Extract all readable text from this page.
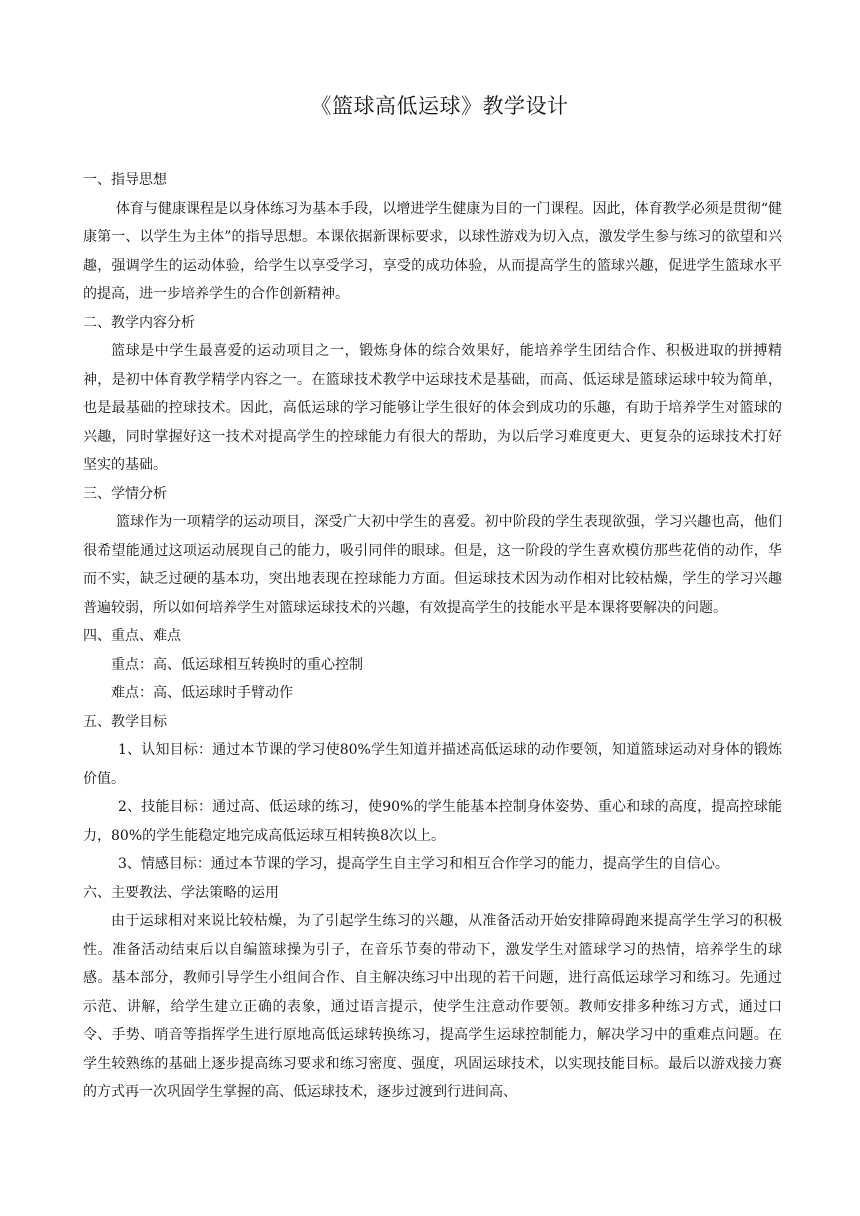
《篮球高低运球》教学设计
一、指导思想

体育与健康课程是以身体练习为基本手段，以增进学生健康为目的一门课程。因此，体育教学必须是贯彻“健康第一、以学生为主体”的指导思想。本课依据新课标要求，以球性游戏为切入点，激发学生参与练习的欲望和兴趣，强调学生的运动体验，给学生以享受学习，享受的成功体验，从而提高学生的篮球兴趣，促进学生篮球水平的提高，进一步培养学生的合作创新精神。

二、教学内容分析

篮球是中学生最喜爱的运动项目之一，锻炼身体的综合效果好，能培养学生团结合作、积极进取的拼搏精神，是初中体育教学精学内容之一。在篮球技术教学中运球技术是基础，而高、低运球是篮球运球中较为简单，也是最基础的控球技术。因此，高低运球的学习能够让学生很好的体会到成功的乐趣，有助于培养学生对篮球的兴趣，同时掌握好这一技术对提高学生的控球能力有很大的帮助，为以后学习难度更大、更复杂的运球技术打好坚实的基础。

三、学情分析

篮球作为一项精学的运动项目，深受广大初中学生的喜爱。初中阶段的学生表现欲强，学习兴趣也高，他们很希望能通过这项运动展现自己的能力，吸引同伴的眼球。但是，这一阶段的学生喜欢模仿那些花俏的动作，华而不实，缺乏过硬的基本功，突出地表现在控球能力方面。但运球技术因为动作相对比较枯燥，学生的学习兴趣普遍较弱，所以如何培养学生对篮球运球技术的兴趣，有效提高学生的技能水平是本课将要解决的问题。

四、重点、难点

重点：高、低运球相互转换时的重心控制

难点：高、低运球时手臂动作

五、教学目标

1、认知目标：通过本节课的学习使80%学生知道并描述高低运球的动作要领，知道篮球运动对身体的锻炼价值。

2、技能目标：通过高、低运球的练习，使90%的学生能基本控制身体姿势、重心和球的高度，提高控球能力，80%的学生能稳定地完成高低运球互相转换8次以上。

3、情感目标：通过本节课的学习，提高学生自主学习和相互合作学习的能力，提高学生的自信心。

六、主要教法、学法策略的运用

由于运球相对来说比较枯燥，为了引起学生练习的兴趣，从准备活动开始安排障碍跑来提高学生学习的积极性。准备活动结束后以自编篮球操为引子，在音乐节奏的带动下，激发学生对篮球学习的热情，培养学生的球感。基本部分，教师引导学生小组间合作、自主解决练习中出现的若干问题，进行高低运球学习和练习。先通过示范、讲解，给学生建立正确的表象，通过语言提示，使学生注意动作要领。教师安排多种练习方式，通过口令、手势、哨音等指挥学生进行原地高低运球转换练习，提高学生运球控制能力，解决学习中的重难点问题。在学生较熟练的基础上逐步提高练习要求和练习密度、强度，巩固运球技术，以实现技能目标。最后以游戏接力赛的方式再一次巩固学生掌握的高、低运球技术，逐步过渡到行进间高、
